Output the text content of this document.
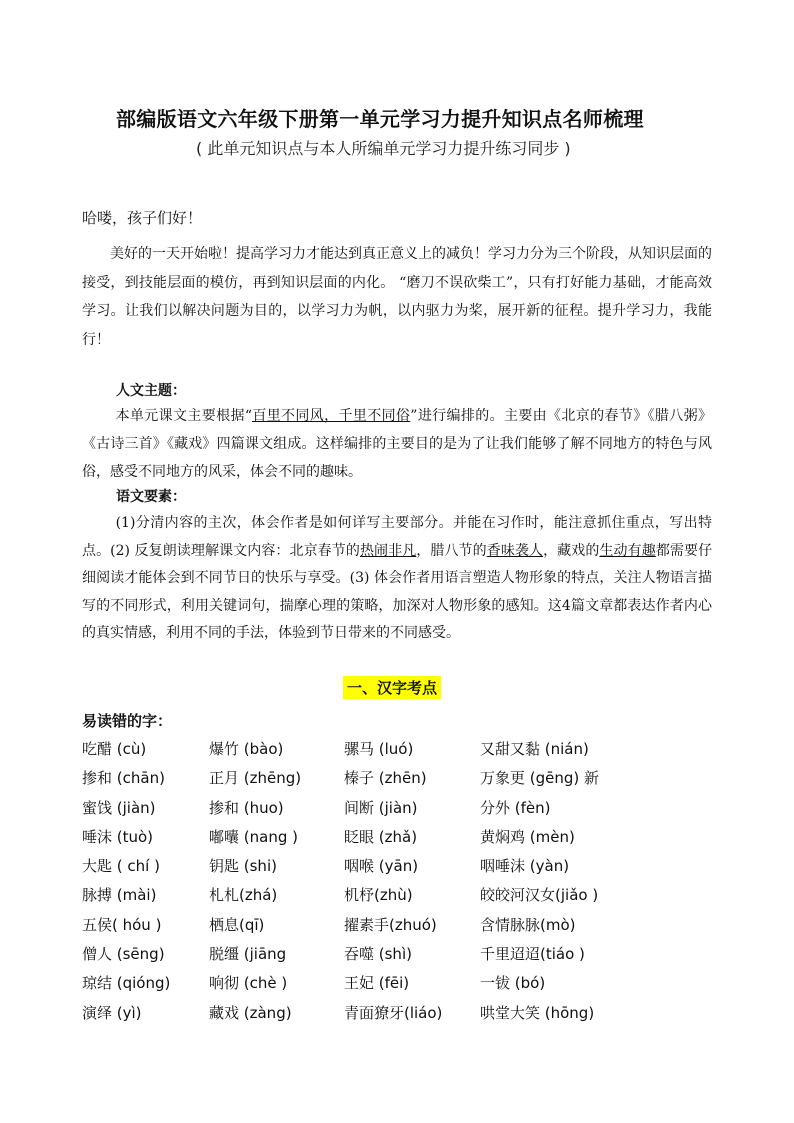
部编版语文六年级下册第一单元学习力提升知识点名师梳理
( 此单元知识点与本人所编单元学习力提升练习同步 )
哈喽，孩子们好！

美好的一天开始啦！提高学习力才能达到真正意义上的减负！学习力分为三个阶段，从知识层面的接受，到技能层面的模仿，再到知识层面的内化。 “磨刀不误砍柴工”，只有打好能力基础，才能高效学习。让我们以解决问题为目的，以学习力为帆，以内驱力为桨，展开新的征程。提升学习力，我能行！

人文主题：

本单元课文主要根据“百里不同风，千里不同俗”进行编排的。主要由《北京的春节》《腊八粥》《古诗三首》《藏戏》四篇课文组成。这样编排的主要目的是为了让我们能够了解不同地方的特色与风俗，感受不同地方的风采，体会不同的趣味。

语文要素：

(1)分清内容的主次，体会作者是如何详写主要部分。并能在习作时，能注意抓住重点，写出特点。(2) 反复朗读理解课文内容：北京春节的热闹非凡，腊八节的香味袭人，藏戏的生动有趣都需要仔细阅读才能体会到不同节日的快乐与享受。(3) 体会作者用语言塑造人物形象的特点，关注人物语言描写的不同形式，利用关键词句，揣摩心理的策略，加深对人物形象的感知。这4篇文章都表达作者内心的真实情感，利用不同的手法，体验到节日带来的不同感受。

一、汉字考点
易读错的字：
吃醋 (cù)	爆竹 (bào)	骡马 (luó)	又甜又黏 (nián)
掺和 (chān)	正月 (zhēng)	榛子 (zhēn)	万象更 (gēng) 新
蜜饯 (jiàn)	掺和 (huo)	间断 (jiàn)	分外 (fèn)
唾沫 (tuò)	嘟囔 (nang )	眨眼 (zhǎ)	黄焖鸡 (mèn)
大匙 ( chí )	钥匙 (shi)	咽喉 (yān)	咽唾沫 (yàn)
脉搏 (mài)	札札(zhá)	机杼(zhù)	皎皎河汉女(jiǎo )
五侯( hóu )	栖息(qī)	擢素手(zhuó)	含情脉脉(mò)
僧人 (sēng)	脱缰 (jiāng	吞噬 (shì)	千里迢迢(tiáo )
琼结 (qióng)	响彻 (chè )	王妃 (fēi)	一钹 (bó)
演绎 (yì)	藏戏 (zàng)	青面獠牙(liáo)	哄堂大笑 (hōng)
